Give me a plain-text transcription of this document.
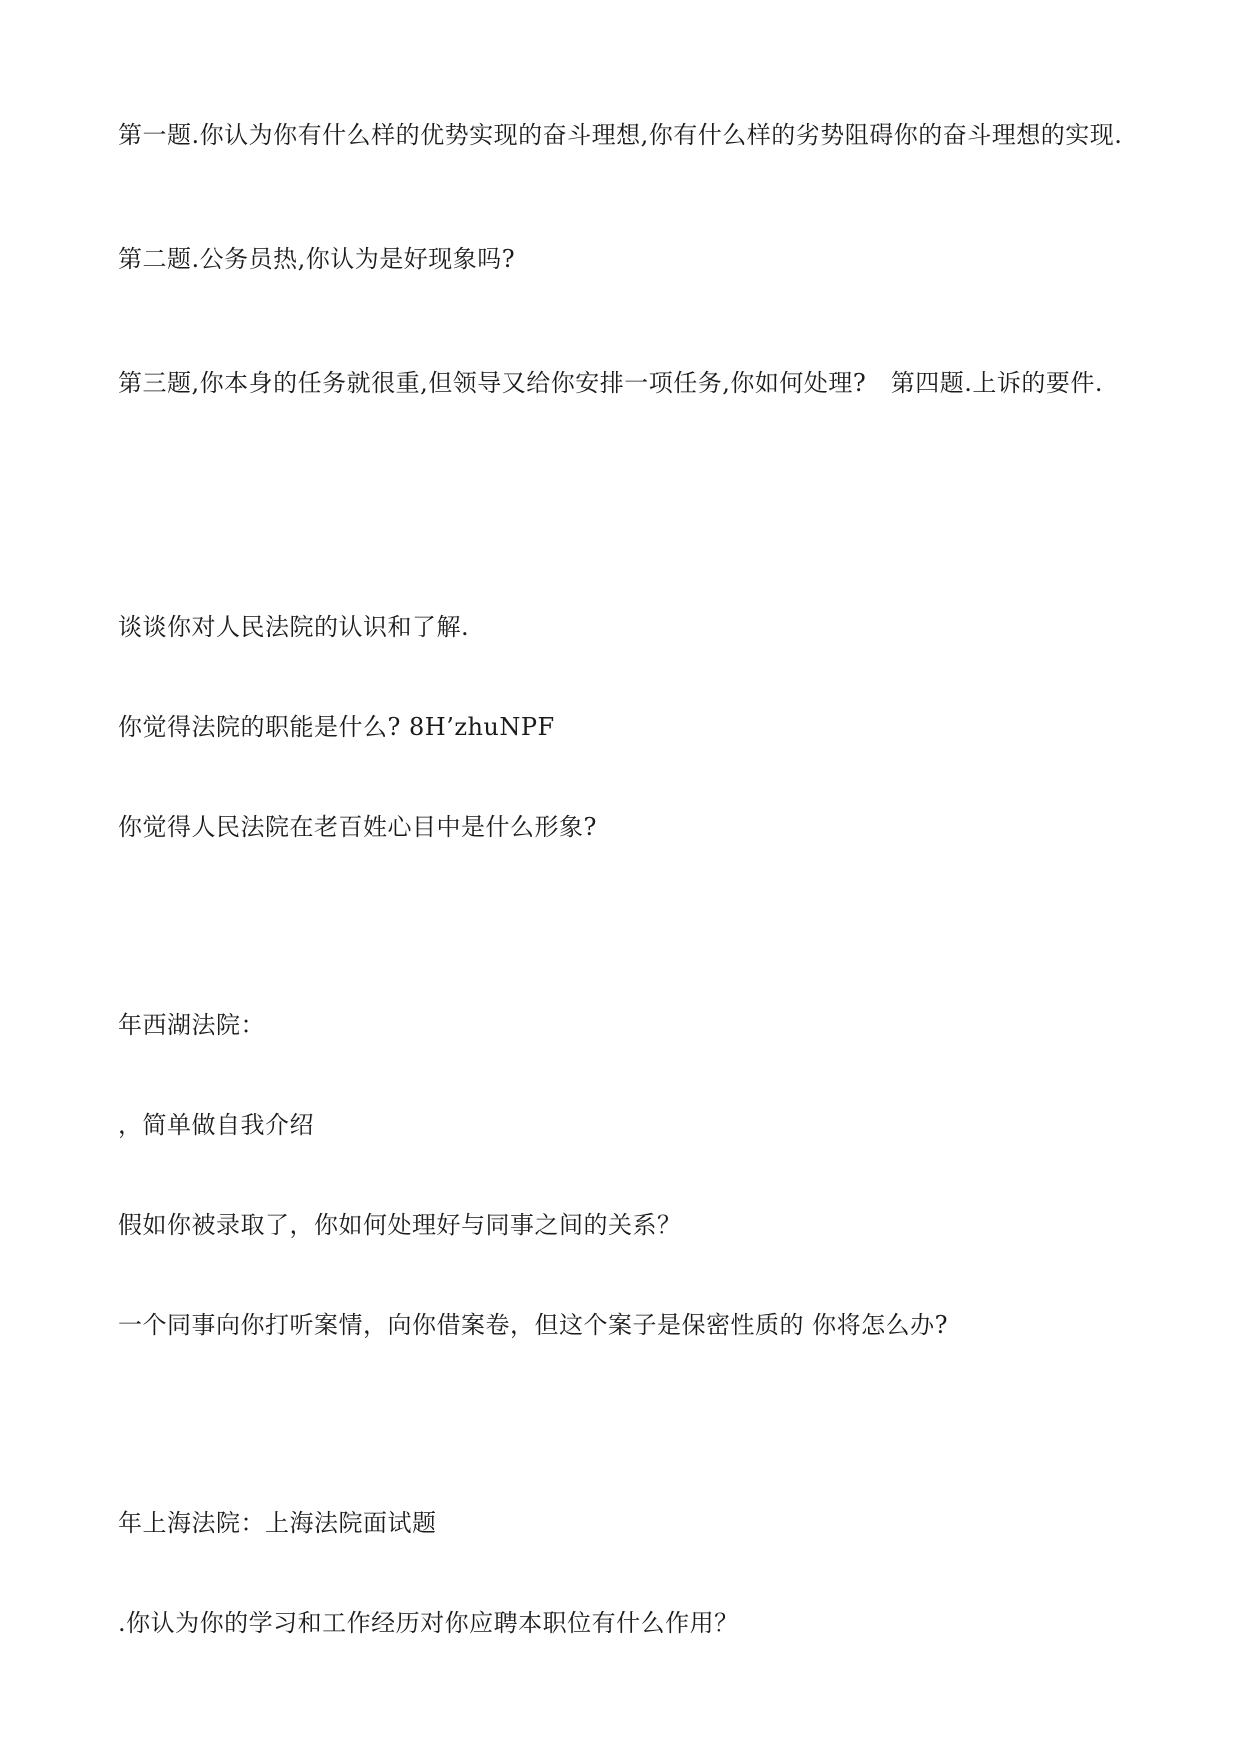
第一题.你认为你有什么样的优势实现的奋斗理想,你有什么样的劣势阻碍你的奋斗理想的实现.

第二题.公务员热,你认为是好现象吗?

第三题,你本身的任务就很重,但领导又给你安排一项任务,你如何处理?　第四题.上诉的要件.

谈谈你对人民法院的认识和了解.

你觉得法院的职能是什么? 8H’zhuNPF

你觉得人民法院在老百姓心目中是什么形象?

年西湖法院：

，简单做自我介绍

假如你被录取了，你如何处理好与同事之间的关系？

一个同事向你打听案情，向你借案卷，但这个案子是保密性质的 你将怎么办?

年上海法院：上海法院面试题

.你认为你的学习和工作经历对你应聘本职位有什么作用？
